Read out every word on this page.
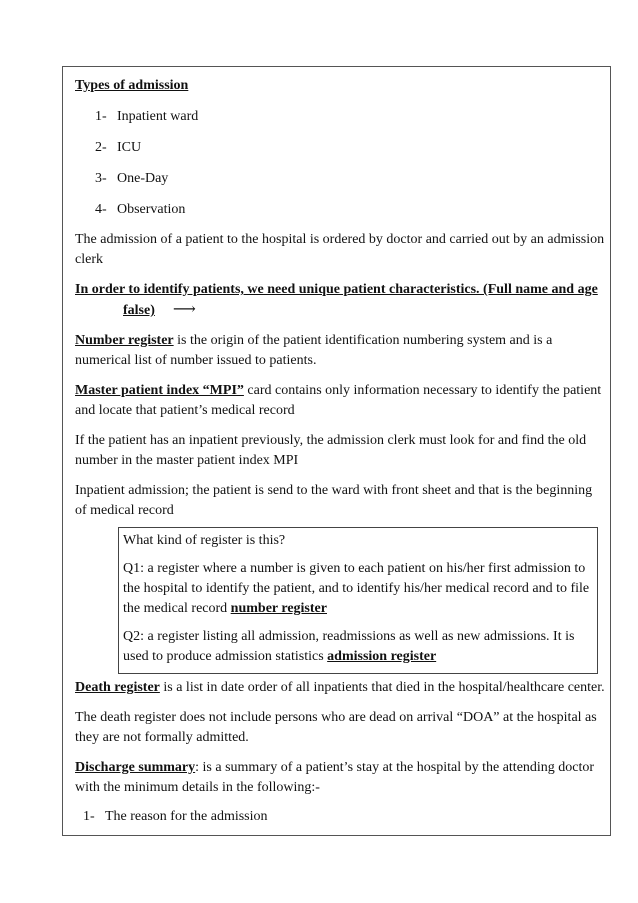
Types of admission

1- Inpatient ward
2- ICU
3- One-Day
4- Observation

The admission of a patient to the hospital is ordered by doctor and carried out by an admission clerk

In order to identify patients, we need unique patient characteristics. (Full name and agefalse) ⟶

Number register is the origin of the patient identification numbering system and is a numerical list of number issued to patients.

Master patient index “MPI” card contains only information necessary to identify the patient and locate that patient’s medical record

If the patient has an inpatient previously, the admission clerk must look for and find the old number in the master patient index MPI

Inpatient admission; the patient is send to the ward with front sheet and that is the beginning of medical record

What kind of register is this?

Q1: a register where a number is given to each patient on his/her first admission to the hospital to identify the patient, and to identify his/her medical record and to file the medical record number register

Q2: a register listing all admission, readmissions as well as new admissions. It is used to produce admission statistics admission register

Death register is a list in date order of all inpatients that died in the hospital/healthcare center.

The death register does not include persons who are dead on arrival “DOA” at the hospital as they are not formally admitted.

Discharge summary: is a summary of a patient’s stay at the hospital by the attending doctor with the minimum details in the following:-

1- The reason for the admission
